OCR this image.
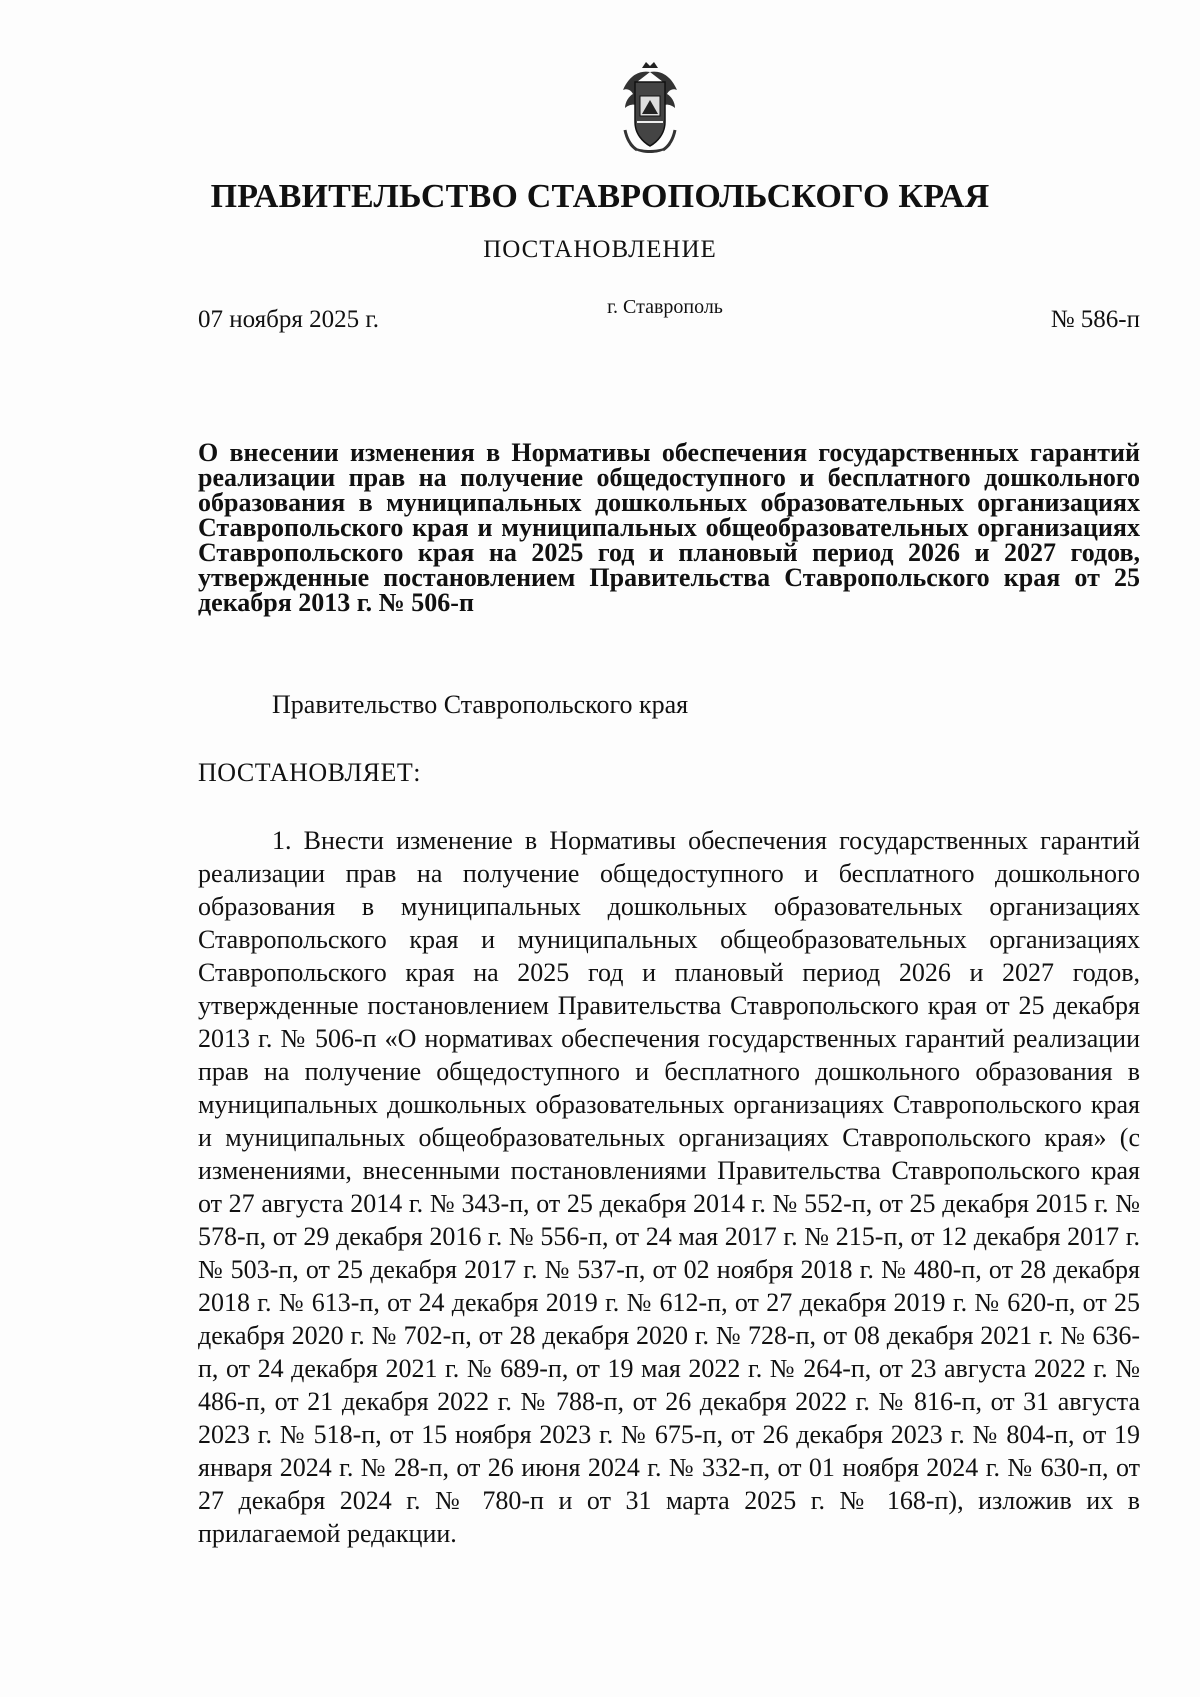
ПРАВИТЕЛЬСТВО СТАВРОПОЛЬСКОГО КРАЯ
ПОСТАНОВЛЕНИЕ
07 ноября 2025 г.	г. Ставрополь	№ 586-п
О внесении изменения в Нормативы обеспечения государственных гарантий реализации прав на получение общедоступного и бесплатного дошкольного образования в муниципальных дошкольных образовательных организациях Ставропольского края и муниципальных общеобразовательных организациях Ставропольского края на 2025 год и плановый период 2026 и 2027 годов, утвержденные постановлением Правительства Ставропольского края от 25 декабря 2013 г. № 506-п
Правительство Ставропольского края
ПОСТАНОВЛЯЕТ:

1. Внести изменение в Нормативы обеспечения государственных гарантий реализации прав на получение общедоступного и бесплатного дошкольного образования в муниципальных дошкольных образовательных организациях Ставропольского края и муниципальных общеобразовательных организациях Ставропольского края на 2025 год и плановый период 2026 и 2027 годов, утвержденные постановлением Правительства Ставропольского края от 25 декабря 2013 г. № 506-п «О нормативах обеспечения государственных гарантий реализации прав на получение общедоступного и бесплатного дошкольного образования в муниципальных дошкольных образовательных организациях Ставропольского края и муниципальных общеобразовательных организациях Ставропольского края» (с изменениями, внесенными постановлениями Правительства Ставропольского края от 27 августа 2014 г. № 343-п, от 25 декабря 2014 г. № 552-п, от 25 декабря 2015 г. № 578-п, от 29 декабря 2016 г. № 556-п, от 24 мая 2017 г. № 215-п, от 12 декабря 2017 г. № 503-п, от 25 декабря 2017 г. № 537-п, от 02 ноября 2018 г. № 480-п, от 28 декабря 2018 г. № 613-п, от 24 декабря 2019 г. № 612-п, от 27 декабря 2019 г. № 620-п, от 25 декабря 2020 г. № 702-п, от 28 декабря 2020 г. № 728-п, от 08 декабря 2021 г. № 636-п, от 24 декабря 2021 г. № 689-п, от 19 мая 2022 г. № 264-п, от 23 августа 2022 г. № 486-п, от 21 декабря 2022 г. № 788-п, от 26 декабря 2022 г. № 816-п, от 31 августа 2023 г. № 518-п, от 15 ноября 2023 г. № 675-п, от 26 декабря 2023 г. № 804-п, от 19 января 2024 г. № 28-п, от 26 июня 2024 г. № 332-п, от 01 ноября 2024 г. № 630-п, от 27 декабря 2024 г. № 780-п и от 31 марта 2025 г. № 168-п), изложив их в прилагаемой редакции.
